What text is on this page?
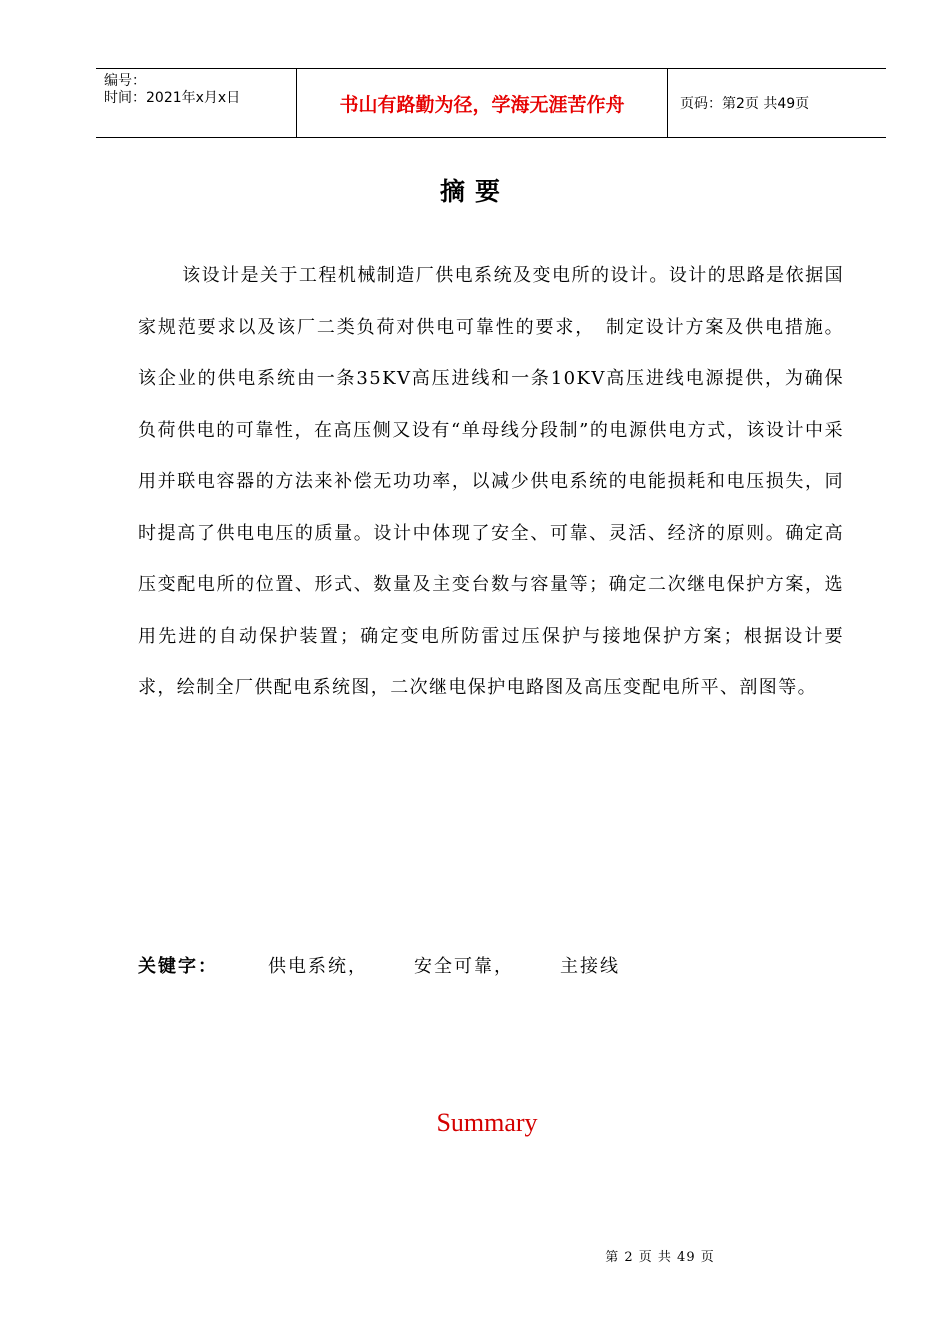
编号：
时间：2021年x月x日	书山有路勤为径，学海无涯苦作舟	页码：第2页 共49页
摘要

该设计是关于工程机械制造厂供电系统及变电所的设计。设计的思路是依据国家规范要求以及该厂二类负荷对供电可靠性的要求，　制定设计方案及供电措施。该企业的供电系统由一条35KV高压进线和一条10KV高压进线电源提供，为确保负荷供电的可靠性，在高压侧又设有“单母线分段制”的电源供电方式，该设计中采用并联电容器的方法来补偿无功功率，以减少供电系统的电能损耗和电压损失，同时提高了供电电压的质量。设计中体现了安全、可靠、灵活、经济的原则。确定高压变配电所的位置、形式、数量及主变台数与容量等；确定二次继电保护方案，选用先进的自动保护装置；确定变电所防雷过压保护与接地保护方案；根据设计要求，绘制全厂供配电系统图，二次继电保护电路图及高压变配电所平、剖图等。

关键字：	供电系统，	安全可靠，	主接线
Summary
第 2 页 共 49 页
